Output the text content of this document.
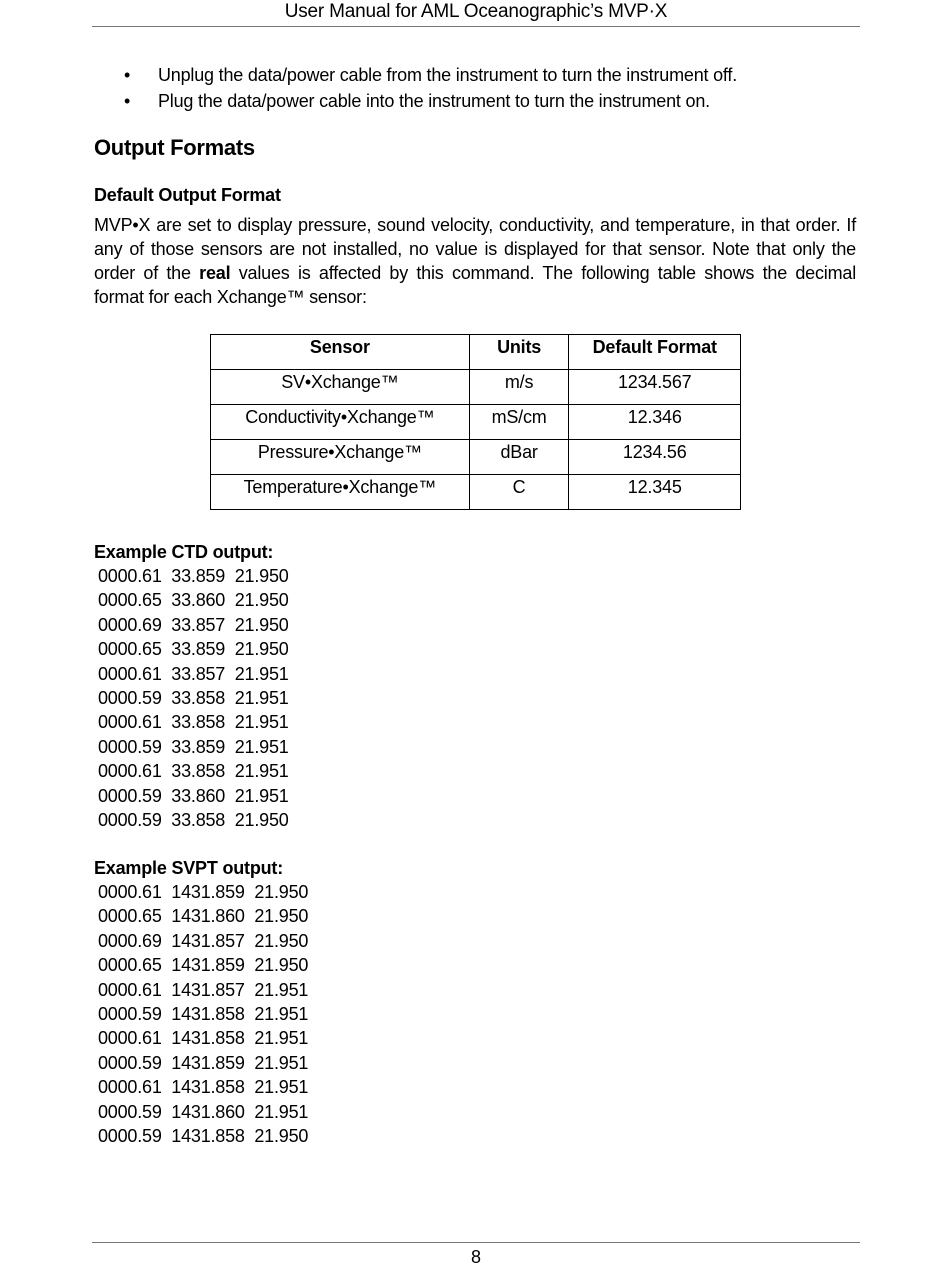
User Manual for AML Oceanographic’s MVP·X
• Unplug the data/power cable from the instrument to turn the instrument off.
• Plug the data/power cable into the instrument to turn the instrument on.
Output Formats
Default Output Format

MVP•X are set to display pressure, sound velocity, conductivity, and temperature, in that order. If any of those sensors are not installed, no value is displayed for that sensor. Note that only the order of the real values is affected by this command. The following table shows the decimal format for each Xchange™ sensor:

Sensor	Units	Default Format
SV•Xchange™	m/s	1234.567
Conductivity•Xchange™	mS/cm	12.346
Pressure•Xchange™	dBar	1234.56
Temperature•Xchange™	C	12.345
Example CTD output:
0000.61  33.859  21.950
0000.65  33.860  21.950
0000.69  33.857  21.950
0000.65  33.859  21.950
0000.61  33.857  21.951
0000.59  33.858  21.951
0000.61  33.858  21.951
0000.59  33.859  21.951
0000.61  33.858  21.951
0000.59  33.860  21.951
0000.59  33.858  21.950
Example SVPT output:
0000.61  1431.859  21.950
0000.65  1431.860  21.950
0000.69  1431.857  21.950
0000.65  1431.859  21.950
0000.61  1431.857  21.951
0000.59  1431.858  21.951
0000.61  1431.858  21.951
0000.59  1431.859  21.951
0000.61  1431.858  21.951
0000.59  1431.860  21.951
0000.59  1431.858  21.950
8
